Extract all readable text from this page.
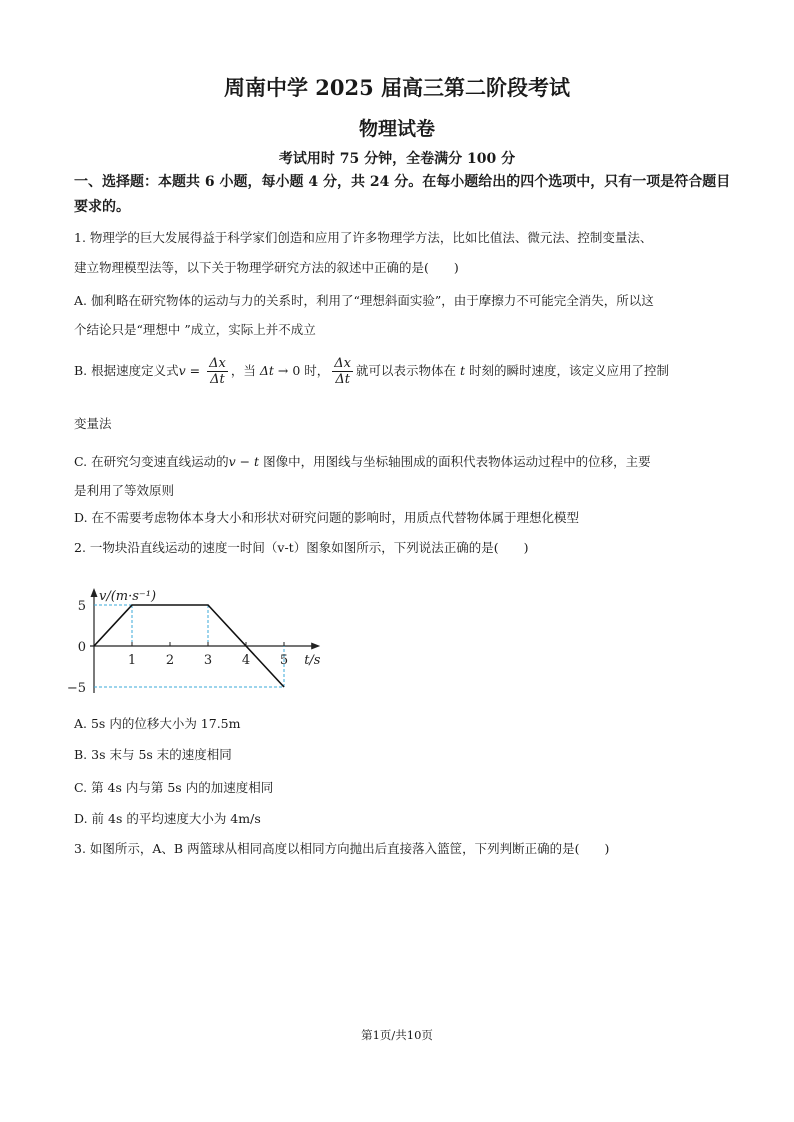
周南中学 2025 届高三第二阶段考试
物理试卷
考试用时 75 分钟，全卷满分 100 分
一、选择题：本题共 6 小题，每小题 4 分，共 24 分。在每小题给出的四个选项中，只有一项是符合题目要求的。
1. 物理学的巨大发展得益于科学家们创造和应用了许多物理学方法，比如比值法、微元法、控制变量法、
建立物理模型法等，以下关于物理学研究方法的叙述中正确的是(　　)
A. 伽利略在研究物体的运动与力的关系时，利用了“理想斜面实验”，由于摩擦力不可能完全消失，所以这
个结论只是“理想中 ”成立，实际上并不成立
B. 根据速度定义式$v = \frac{\Delta x}{\Delta t}$ ，当 Δt → 0 时， $\frac{\Delta x}{\Delta t}$ 就可以表示物体在 t 时刻的瞬时速度，该定义应用了控制
变量法
C. 在研究匀变速直线运动的v − t 图像中，用图线与坐标轴围成的面积代表物体运动过程中的位移，主要
是利用了等效原则
D. 在不需要考虑物体本身大小和形状对研究问题的影响时，用质点代替物体属于理想化模型
2. 一物块沿直线运动的速度一时间（v-t）图象如图所示，下列说法正确的是(　　)
v/(m·s⁻¹)
t/s
1 2 3 4 5
5
0
−5
A. 5s 内的位移大小为 17.5m
B. 3s 末与 5s 末的速度相同
C. 第 4s 内与第 5s 内的加速度相同
D. 前 4s 的平均速度大小为 4m/s
3. 如图所示，A、B 两篮球从相同高度以相同方向抛出后直接落入篮筐，下列判断正确的是(　　)
第1页/共10页
